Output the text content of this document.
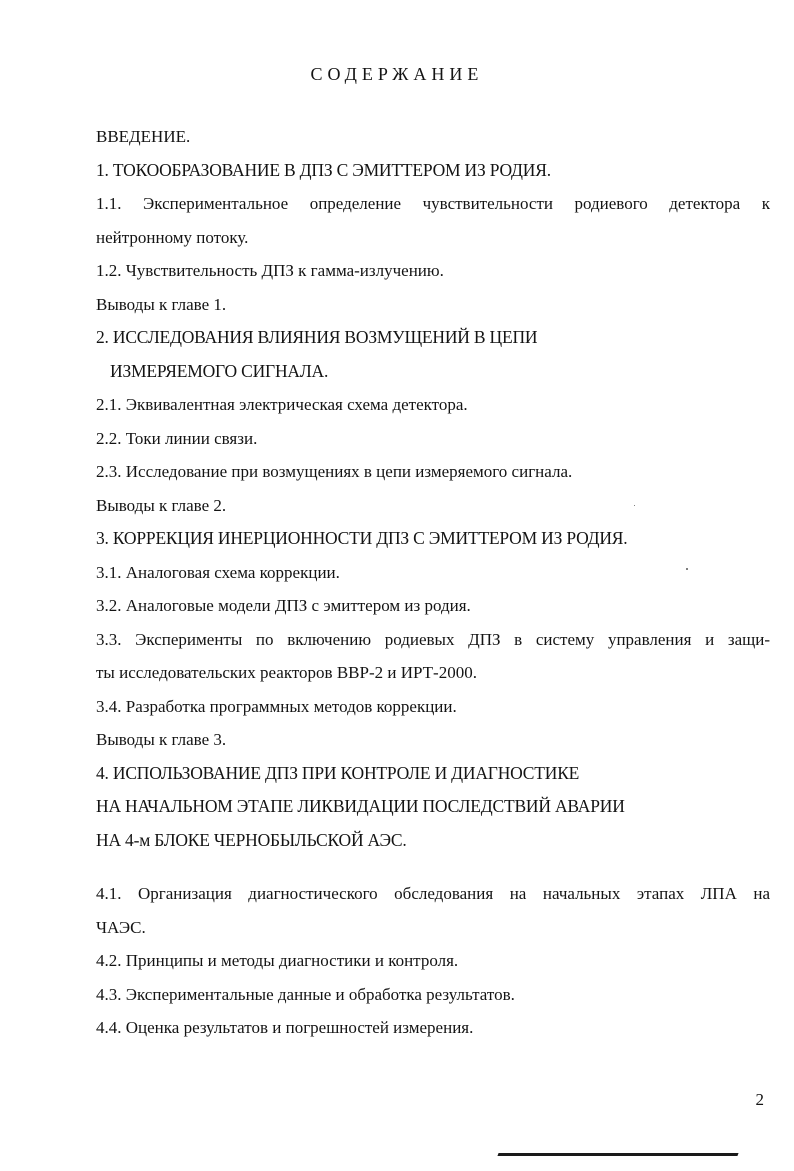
СОДЕРЖАНИЕ
ВВЕДЕНИЕ.
1. ТОКООБРАЗОВАНИЕ В ДПЗ С ЭМИТТЕРОМ ИЗ РОДИЯ.
1.1. Экспериментальное определение чувствительности родиевого детектора к
нейтронному потоку.
1.2. Чувствительность ДПЗ к гамма-излучению.
Выводы к главе 1.
2. ИССЛЕДОВАНИЯ ВЛИЯНИЯ ВОЗМУЩЕНИЙ В ЦЕПИ
ИЗМЕРЯЕМОГО СИГНАЛА.
2.1. Эквивалентная электрическая схема детектора.
2.2. Токи линии связи.
2.3. Исследование при возмущениях в цепи измеряемого сигнала.
Выводы к главе 2.
3. КОРРЕКЦИЯ ИНЕРЦИОННОСТИ ДПЗ С ЭМИТТЕРОМ ИЗ РОДИЯ.
3.1. Аналоговая схема коррекции.
3.2. Аналоговые модели ДПЗ с эмиттером из родия.
3.3. Эксперименты по включению родиевых ДПЗ в систему управления и защи-
ты исследовательских реакторов ВВР-2 и ИРТ-2000.
3.4. Разработка программных методов коррекции.
Выводы к главе 3.
4. ИСПОЛЬЗОВАНИЕ ДПЗ ПРИ КОНТРОЛЕ И ДИАГНОСТИКЕ
НА НАЧАЛЬНОМ ЭТАПЕ ЛИКВИДАЦИИ ПОСЛЕДСТВИЙ АВАРИИ
НА 4-м БЛОКЕ ЧЕРНОБЫЛЬСКОЙ АЭС.
4.1. Организация диагностического обследования на начальных этапах ЛПА на
ЧАЭС.
4.2. Принципы и методы диагностики и контроля.
4.3. Экспериментальные данные и обработка результатов.
4.4. Оценка результатов и погрешностей измерения.
2
